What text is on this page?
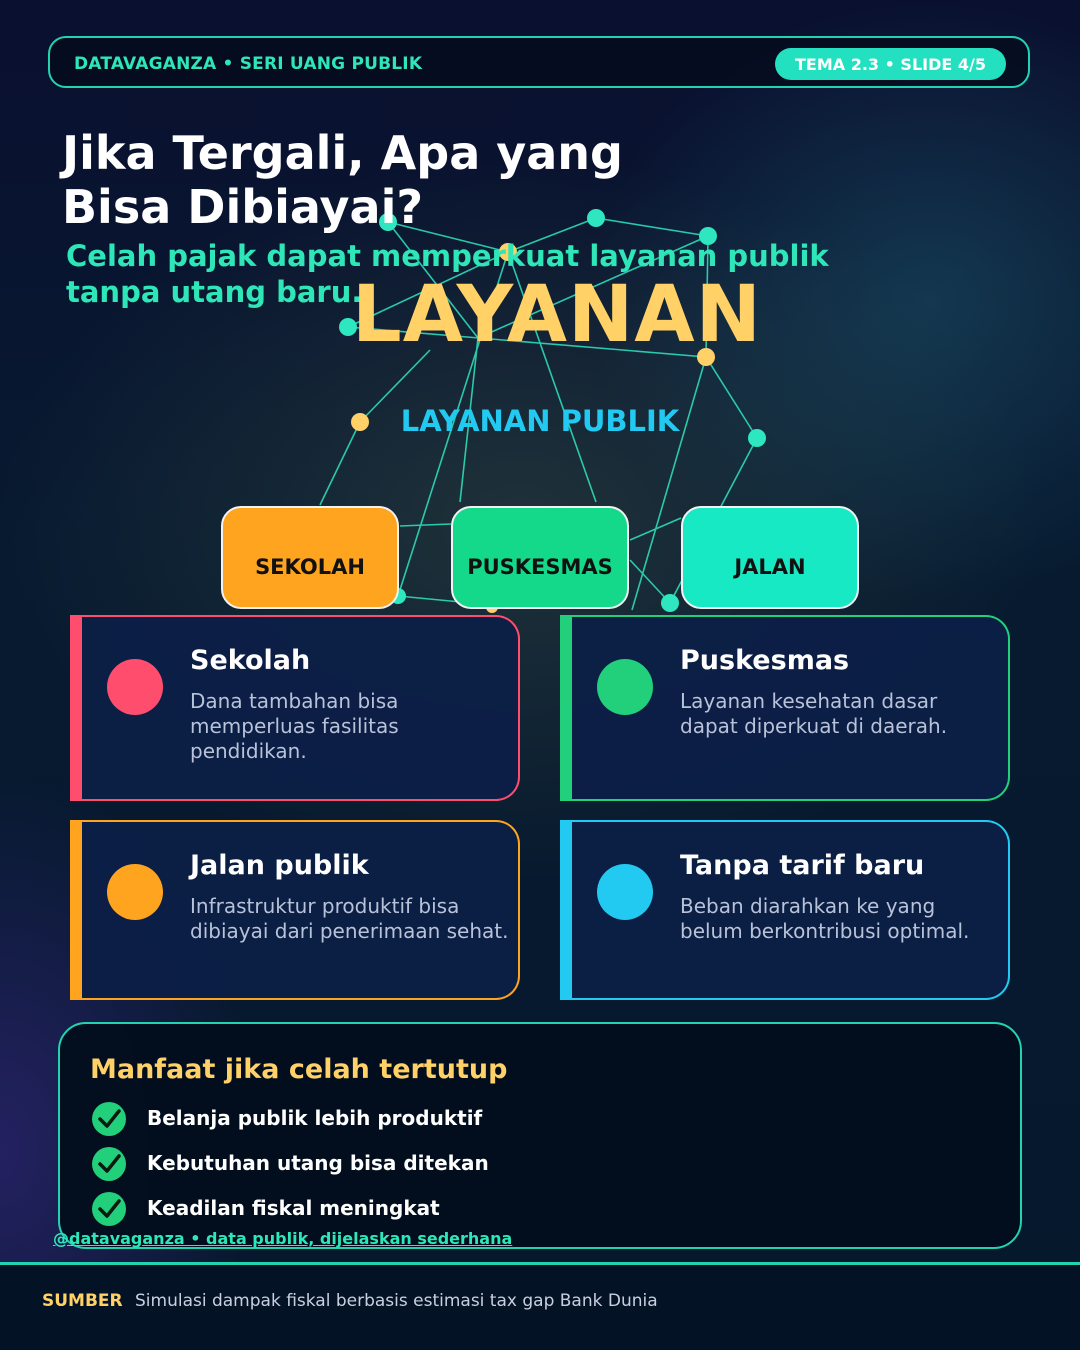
DATAVAGANZA • SERI UANG PUBLIK	TEMA 2.3 • SLIDE 4/5
Jika Tergali, Apa yang
Bisa Dibiayai?
Celah pajak dapat memperkuat layanan publik
tanpa utang baru.
LAYANAN
LAYANAN PUBLIK
SEKOLAH	PUSKESMAS	JALAN
Sekolah

Dana tambahan bisa memperluas fasilitas pendidikan.

Puskesmas

Layanan kesehatan dasar dapat diperkuat di daerah.

Jalan publik

Infrastruktur produktif bisa dibiayai dari penerimaan sehat.

Tanpa tarif baru

Beban diarahkan ke yang belum berkontribusi optimal.

Manfaat jika celah tertutup
Belanja publik lebih produktif
Kebutuhan utang bisa ditekan
Keadilan fiskal meningkat
@datavaganza • data publik, dijelaskan sederhana
SUMBER Simulasi dampak fiskal berbasis estimasi tax gap Bank Dunia
